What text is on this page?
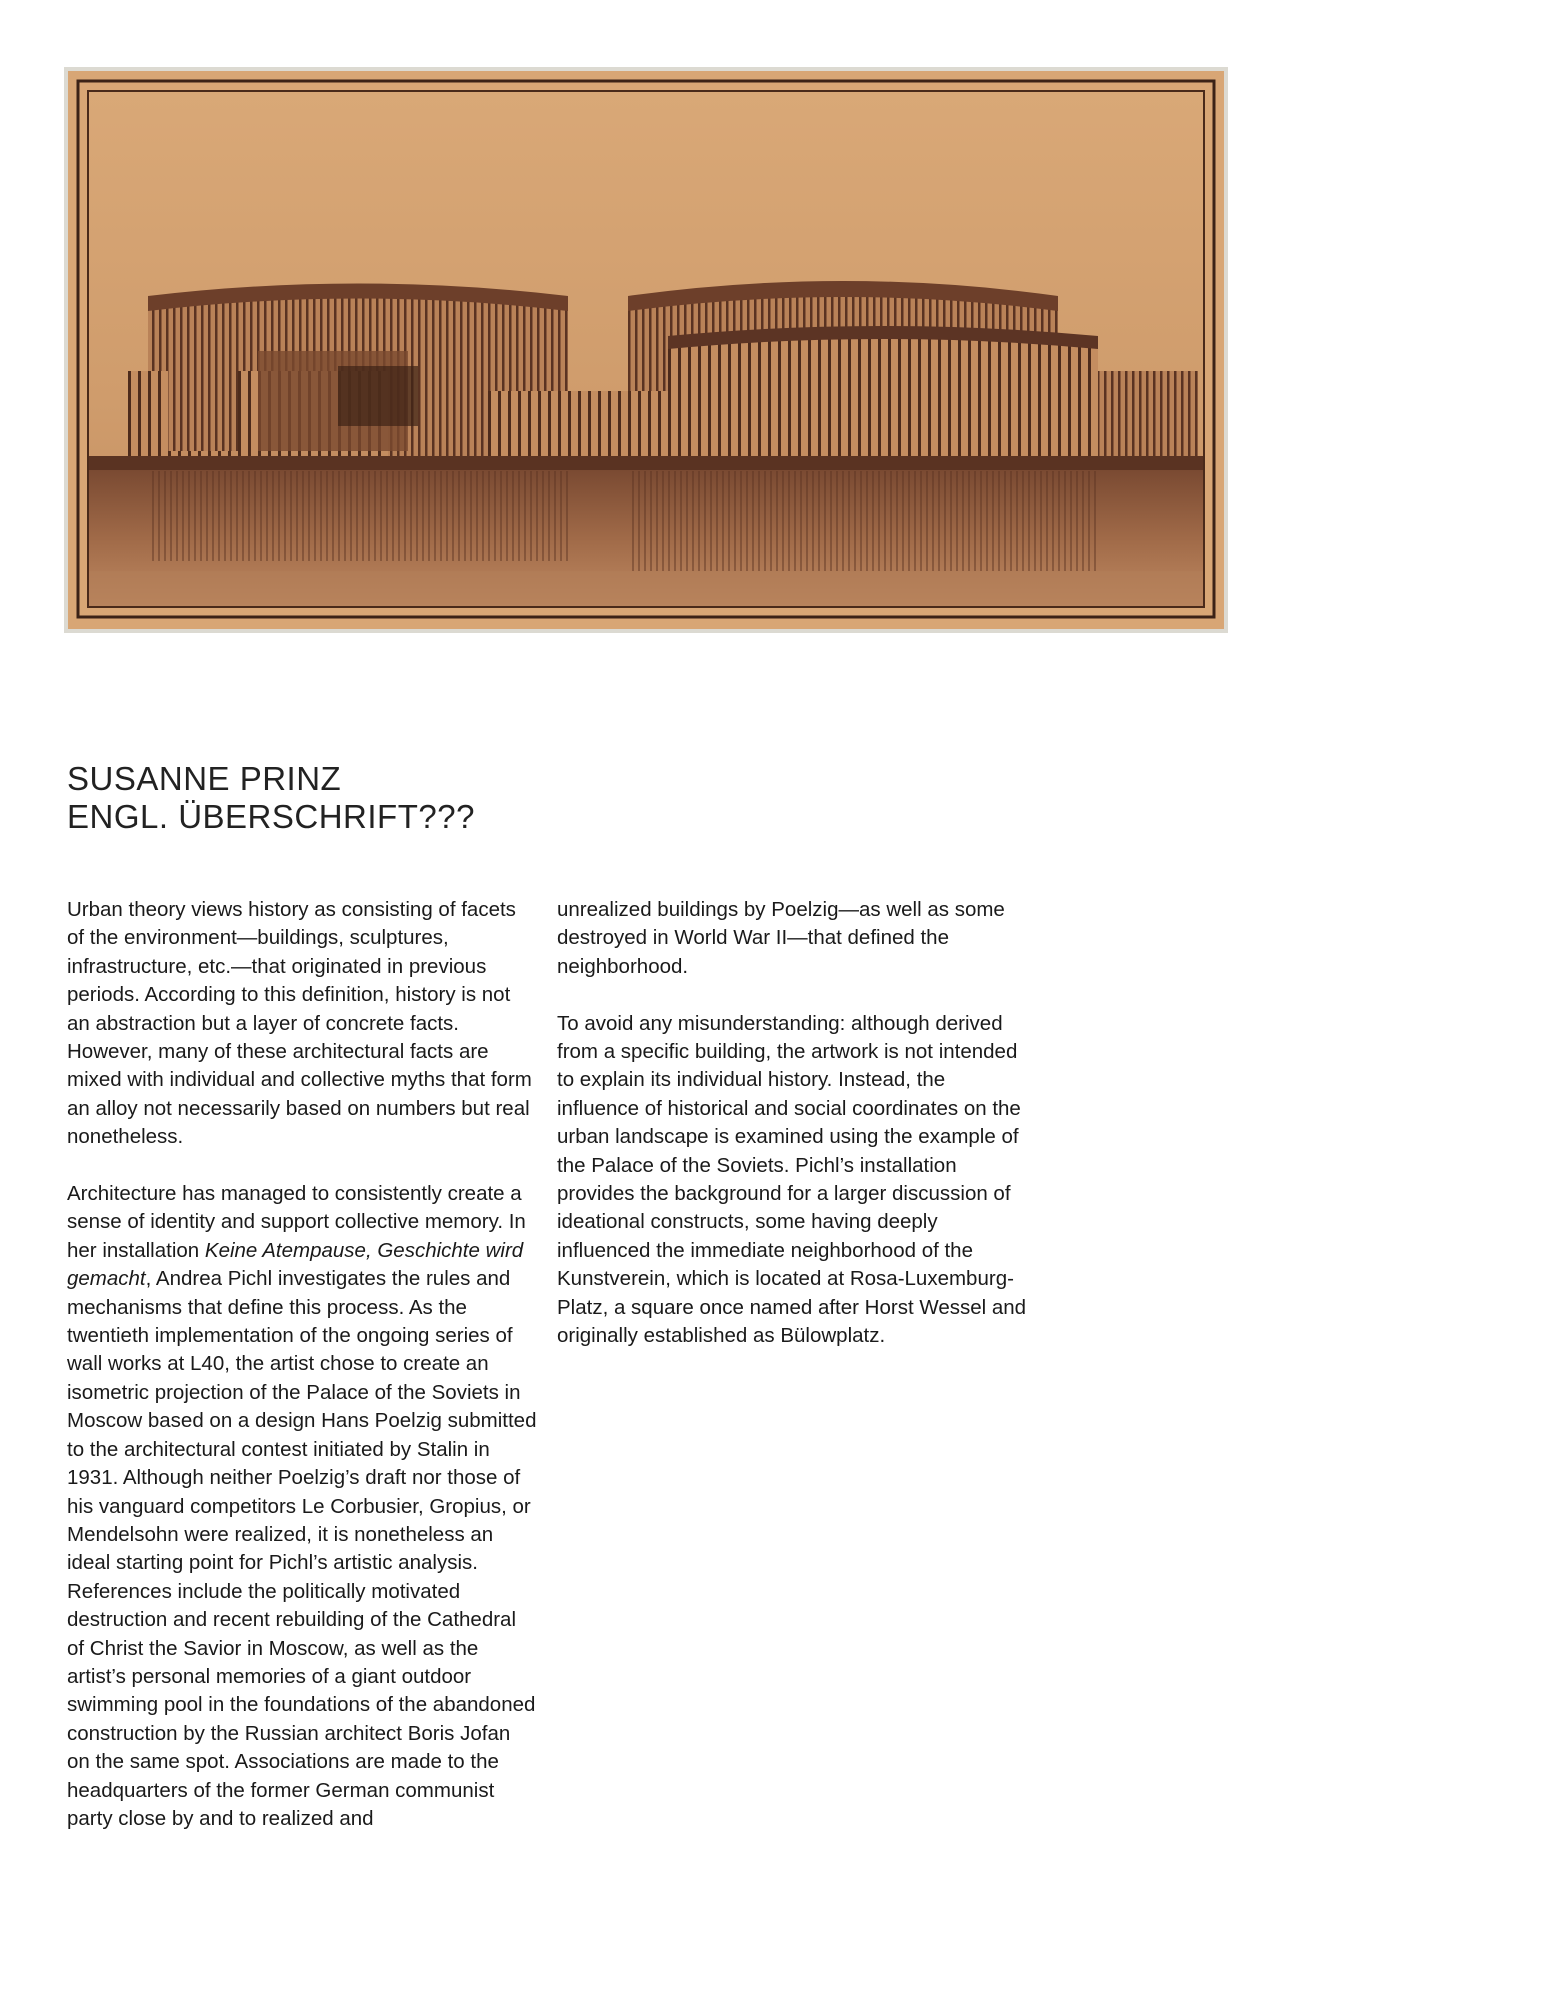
SUSANNE PRINZ
ENGL. ÜBERSCHRIFT???

Urban theory views history as consisting of facets of the environment—buildings, sculptures, infrastructure, etc.—that originated in previous periods. According to this definition, history is not an abstraction but a layer of concrete facts. However, many of these architectural facts are mixed with individual and collective myths that form an alloy not necessarily based on numbers but real nonetheless.

Architecture has managed to consistently create a sense of identity and support collective memory. In her installation Keine Atempause, Geschichte wird gemacht, Andrea Pichl investigates the rules and mechanisms that define this process. As the twentieth implementation of the ongoing series of wall works at L40, the artist chose to create an isometric projection of the Palace of the Soviets in Moscow based on a design Hans Poelzig submitted to the architectural contest initiated by Stalin in 1931. Although neither Poelzig’s draft nor those of his vanguard competitors Le Corbusier, Gropius, or Mendelsohn were realized, it is nonetheless an ideal starting point for Pichl’s artistic analysis. References include the politically motivated destruction and recent rebuilding of the Cathedral of Christ the Savior in Moscow, as well as the artist’s personal memories of a giant outdoor swimming pool in the foundations of the abandoned construction by the Russian architect Boris Jofan on the same spot. Associations are made to the headquarters of the former German communist party close by and to realized and

unrealized buildings by Poelzig—as well as some destroyed in World War II—that defined the neighborhood.

To avoid any misunderstanding: although derived from a specific building, the artwork is not intended to explain its individual history. Instead, the influence of historical and social coordinates on the urban landscape is examined using the example of the Palace of the Soviets. Pichl’s installation provides the background for a larger discussion of ideational constructs, some having deeply influenced the immediate neighborhood of the Kunstverein, which is located at Rosa-Luxemburg-Platz, a square once named after Horst Wessel and originally established as Bülowplatz.
